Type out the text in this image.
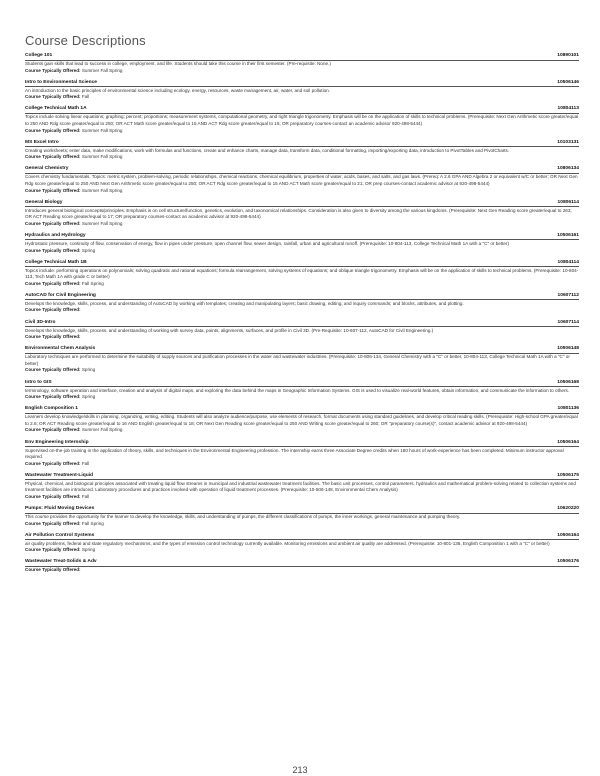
Course Descriptions
College 101	10890101
Students gain skills that lead to success in college, employment, and life. Students should take this course in their first semester. (Pre-requisite: None.)
Course Typically Offered: Summer Fall Spring
Intro to Environmental Science	10506146
An introduction to the basic principles of environmental science including ecology, energy, resources, waste management, air, water, and soil pollution.
Course Typically Offered: Fall
College Technical Math 1A	10804113
Topics include solving linear equations; graphing; percent; proportions; measurement systems, computational geometry, and right triangle trigonometry. Emphasis will be on the application of skills to technical problems. (Prerequisite: Next Gen Arithmetic score greater/equal to 250 AND Rdg score greater/equal to 250; OR ACT Math score greater/equal to 15 AND ACT Rdg score greater/equal to 16; OR preparatory courses-contact an academic advisor 920-498-5444)
Course Typically Offered: Summer Fall Spring
MS Excel Intro	10103131
Creating worksheets; enter data, make modifications, work with formulas and functions, create and enhance charts, manage data, transform data, conditional formatting, importing/exporting data, introduction to PivotTables and PivotCharts.
Course Typically Offered: Summer Fall Spring
General Chemistry	10806134
Covers chemistry fundamentals. Topics: metric system, problem-solving, periodic relationships, chemical reactions, chemical equilibrium, properties of water, acids, bases, and salts, and gas laws. (Prereq: A 2.6 GPA AND Algebra 2 or equivalent w/C or better; OR Next Gen Rdg score greater/equal to 250 AND Next Gen Arithmetic score greater/equal to 250; OR ACT Rdg score greater/equal to 15 AND ACT Math score greater/equal to 21; OR prep courses-contact academic advisor at 920-498-5444)
Course Typically Offered: Summer Fall Spring
General Biology	10806114
Introduces general biological concepts/principles. Emphasis is on cell structure/function, genetics, evolution, and taxonomical relationships. Consideration is also given to diversity among the various kingdoms. (Prerequisite: Next Gen Reading score greater/equal to 263; OR ACT Reading score greater/equal to 17; OR preparatory courses-contact an academic advisor at 920-498-5444)
Course Typically Offered: Summer Fall Spring
Hydraulics and Hydrology	10506161
Hydrostatic pressure, continuity of flow, conservation of energy, flow in pipes under pressure, open channel flow, sewer design, rainfall, urban and agricultural runoff. (Prerequisite: 10-804-113, College Technical Math 1A with a "C" or better)
Course Typically Offered: Spring
College Technical Math 1B	10804114
Topics include: performing operations on polynomials; solving quadratic and rational equations; formula rearrangement, solving systems of equations; and oblique triangle trigonometry. Emphasis will be on the application of skills to technical problems. (Prerequisite: 10-804-113, Tech Math 1A with grade C or better)
Course Typically Offered: Fall Spring
AutoCAD for Civil Engineering	10607112
Develops the knowledge, skills, process, and understanding of AutoCAD by working with templates; creating and manipulating layers; basic drawing, editing, and inquiry commands; and blocks, attributes, and plotting.
Course Typically Offered:
Civil 3D-Intro	10607114
Develops the knowledge, skills, process, and understanding of working with survey data, points, alignments, surfaces, and profile in Civil 3D. (Pre-Requisite: 10-607-112, AutoCAD for Civil Engineering.)
Course Typically Offered:
Environmental Chem Analysis	10506148
Laboratory techniques are performed to determine the suitability of supply sources and purification processes in the water and wastewater industries. (Prerequisite: 10-806-134, General Chemistry with a "C" or better, 10-804-113, College Technical Math 1A with a "C" or better)
Course Typically Offered: Spring
Intro to GIS	10506168
terminology, software operation and interface, creation and analysis of digital maps, and exploring the data behind the maps in Geographic Information Systems. GIS is used to visualize real-world features, obtain information, and communicate the information to others.
Course Typically Offered: Spring
English Composition 1	10801136
Learners develop knowledge/skills in planning, organizing, writing, editing. Students will also analyze audience/purpose, use elements of research, format documents using standard guidelines, and develop critical reading skills. (Prerequisite: High-school GPA greater/equal to 2.6; OR ACT Reading score greater/equal to 16 AND English greater/equal to 18; OR Next Gen Reading score greater/equal to 250 AND Writing score greater/equal to 260; OR "preparatory course(s)", contact academic advisor at 920-498-5444)
Course Typically Offered: Summer Fall Spring
Env Engineering Internship	10506164
Supervised on-the-job training in the application of theory, skills, and techniques in the Environmental Engineering profession. The internship earns three Associate Degree credits when 180 hours of work-experience has been completed. Minimum instructor approval required.
Course Typically Offered: Fall
Wastewater Treatment-Liquid	10506175
Physical, chemical, and biological principles associated with treating liquid flow streams in municipal and industrial wastewater treatment facilities. The basic unit processes, control parameters, hydraulics and mathematical problem-solving related to collection systems and treatment facilities are introduced. Laboratory procedures and practices involved with operation of liquid treatment processes. (Prerequisite: 10-506-148, Environmental Chem Analysis)
Course Typically Offered: Fall
Pumps: Fluid Moving Devices	10620220
This course provides the opportunity for the learner to develop the knowledge, skills, and understanding of pumps, the different classifications of pumps, the inner workings, general maintenance and pumping theory.
Course Typically Offered: Fall Spring
Air Pollution Control Systems	10506164
air quality problems, federal and state regulatory mechanisms, and the types of emission control technology currently available. Monitoring emissions and ambient air quality are addressed. (Prerequisite: 10-801-136, English Composition 1 with a "C" or better)
Course Typically Offered: Spring
Wastewater Treat-Solids & Adv	10506176
Course Typically Offered:
213
